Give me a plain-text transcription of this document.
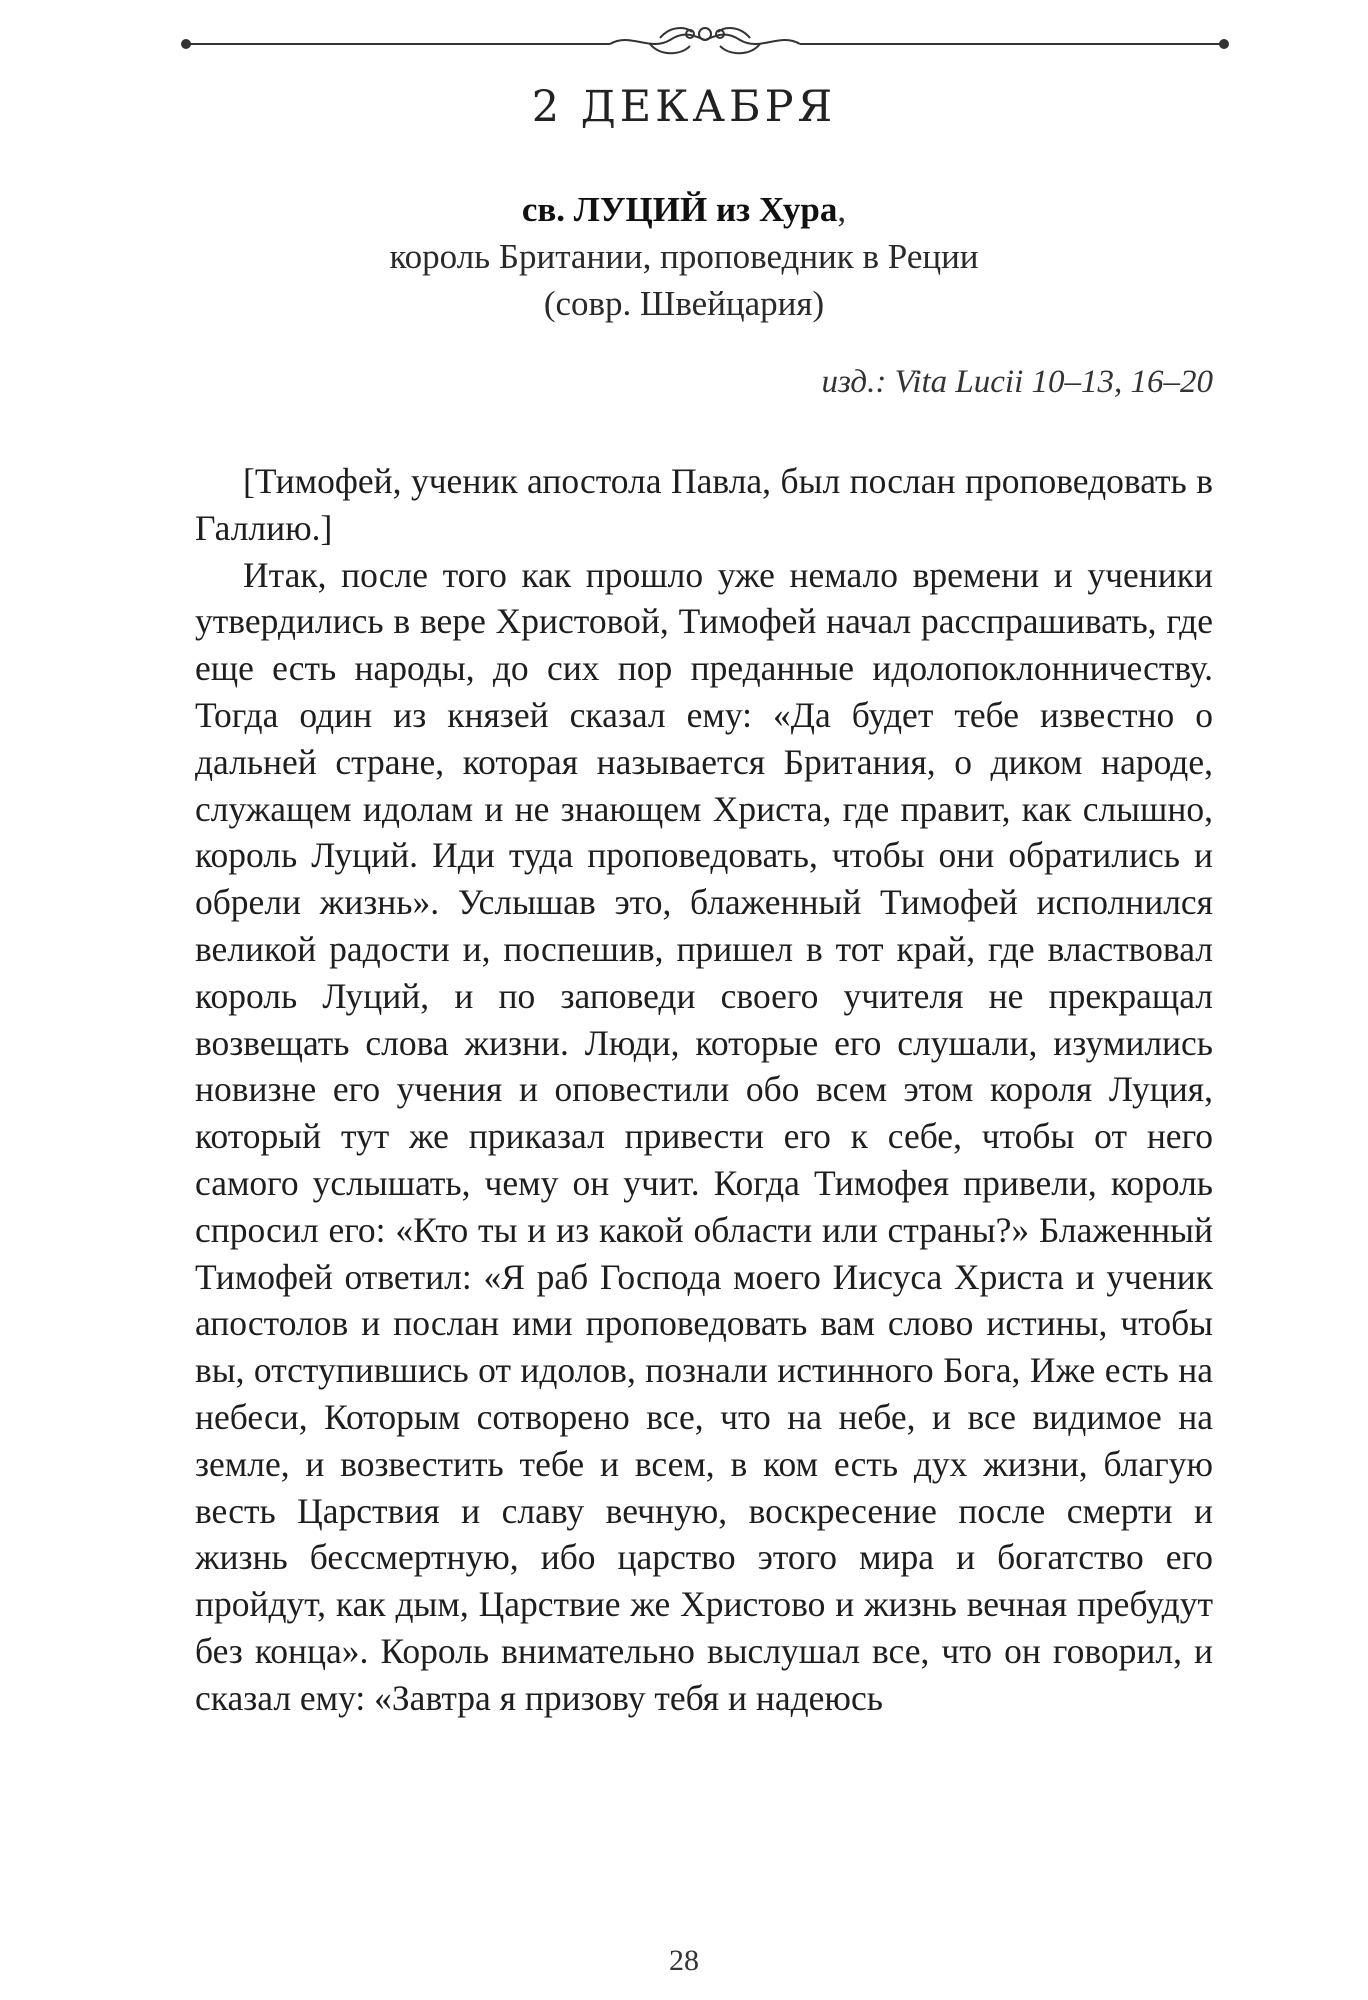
2 ДЕКАБРЯ
св. ЛУЦИЙ из Хура,
король Британии, проповедник в Реции
(совр. Швейцария)
изд.: Vita Lucii 10–13, 16–20

[Тимофей, ученик апостола Павла, был послан проповедовать в Галлию.]

Итак, после того как прошло уже немало времени и ученики утвердились в вере Христовой, Тимофей начал расспрашивать, где еще есть народы, до сих пор преданные идолопоклонничеству. Тогда один из князей сказал ему: «Да будет тебе известно о дальней стране, которая называется Британия, о диком народе, служащем идолам и не знающем Христа, где правит, как слышно, король Луций. Иди туда проповедовать, чтобы они обратились и обрели жизнь». Услышав это, блаженный Тимофей исполнился великой радости и, поспешив, пришел в тот край, где властвовал король Луций, и по заповеди своего учителя не прекращал возвещать слова жизни. Люди, которые его слушали, изумились новизне его учения и оповестили обо всем этом короля Луция, который тут же приказал привести его к себе, чтобы от него самого услышать, чему он учит. Когда Тимофея привели, король спросил его: «Кто ты и из какой области или страны?» Блаженный Тимофей ответил: «Я раб Господа моего Иисуса Христа и ученик апостолов и послан ими проповедовать вам слово истины, чтобы вы, отступившись от идолов, познали истинного Бога, Иже есть на небеси, Которым сотворено все, что на небе, и все видимое на земле, и возвестить тебе и всем, в ком есть дух жизни, благую весть Царствия и славу вечную, воскресение после смерти и жизнь бессмертную, ибо царство этого мира и богатство его пройдут, как дым, Царствие же Христово и жизнь вечная пребудут без конца». Король внимательно выслушал все, что он говорил, и сказал ему: «Завтра я призову тебя и надеюсь

28
